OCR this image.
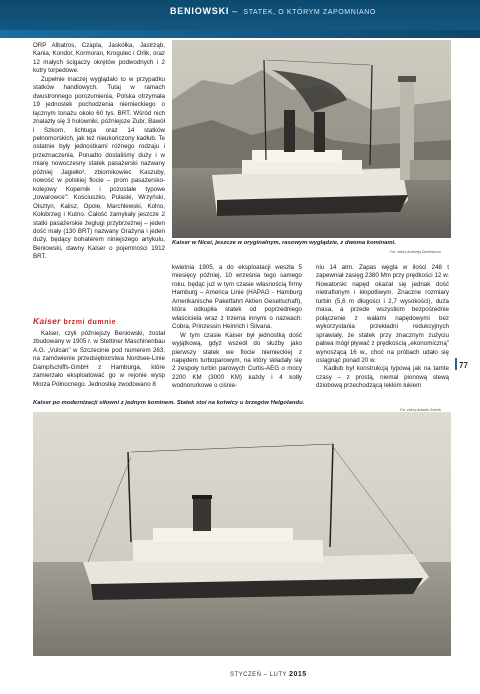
BENIOWSKI – STATEK, O KTÓRYM ZAPOMNIANO

ORP Albatros, Czapla, Jaskółka, Jastrząb, Kania, Kondor, Kormoran, Krogulec i Orlik, oraz 12 małych ścigaczy okrętów podwodnych i 2 kutry torpedowe.

Zupełnie inaczej wyglądało to w przypadku statków handlowych. Tutaj w ramach dwustronnego porozumienia, Polska otrzymała 19 jednostek pochodzenia niemieckiego o łącznym tonażu około 60 tys. BRT. Wśród nich znalazły się 3 holowniki, późniejsze Zubr, Bawół i Szkorn, lichtuga oraz 14 statków pełnomorskich, jak też nieukończony kadłub. Te ostatnie były jednostkami różnego rodzaju i przeznaczenia. Ponadto dostaliśmy duży i w miarę nowoczesny statek pasażerski nazwany później Jagiełło², zbiornikowiec Kaszuby, nowość w polskiej flocie – prom pasażersko-kolejowy Kopernik i pozostałe typowe „towarowce": Kościuszko, Pułaski, Wrzyński, Olsztyn, Kalisz, Opole, Marchlewski, Kolno, Kołobrzeg i Kutno. Całość zamykały jeszcze 2 statki pasażerskie żeglugi przybrzeżnej – jeden dość mały (130 BRT) nazwany Grażyna i jeden duży, będący bohaterem niniejszego artykułu, Beniowski, dawny Kaiser o pojemności 1912 BRT.

Kaiser brzmi dumnie

Kaiser, czyli późniejszy Beniowski, został zbudowany w 1905 r. w Stettiner Maschinenbau A.G. „Vulcan" w Szczecinie pod numerem 263, na zamówienie przedsiębiorstwa Nordsee-Linie Dampfschiffs-GmbH z Hamburga, które zamierzało eksploatować go w rejonie wysp Morza Północnego. Jednostkę zwodowano 8

Kaiser w Nicei, jeszcze w oryginalnym, rasowym wyglądzie, z dwoma kominami.
Fot. zbiory Andrzeja Danilewicza

kwietnia 1905, a do eksploatacji weszła 5 miesięcy później, 10 września tego samego roku, będąc już w tym czasie własnością firmy Hamburg – America Linie (HAPAG - Hamburg Amerikanische Paketfahrt Aktien Gesellschaft), która odkupiła statek od poprzedniego właściciela wraz z trzema innymi o nazwach: Cobra, Prinzessin Heinrich i Silvana.

W tym czasie Kaiser był jednostką dość wyjątkową, gdyż wszedł do służby jako pierwszy statek we flocie niemieckiej z napędem turboparowym, na który składały się 2 zespoły turbin parowych Curtis-AEG o mocy 2200 KM (3000 KM) każdy i 4 kotły wodnorurkowe o ciśnie-

niu 14 atm. Zapas węgla w ilości 248 t zapewniał zasięg 2380 Mm przy prędkości 12 w. Nowatorski napęd okazał się jednak dość nietrafionym i kłopotliwym. Znaczne rozmiary turbin (5,6 m długości i 2,7 wysokości), duża masa, a przede wszystkim bezpośrednie połączenie z wałami napędowymi bez wykorzystania przekładni redukcyjnych sprawiały, że statek przy znacznym zużyciu paliwa mógł pływać z prędkością „ekonomiczną" wynoszącą 16 w., choć na próbach udało się osiągnąć ponad 20 w.

Kadłub był konstrukcją typową jak na tamte czasy – z prostą, niemal pionową stewą dziobową przechodzącą lekkim łukiem

77
Kaiser po modernizacji siłowni z jednym kominem. Statek stoi na kotwicy u brzegów Helgolandu.
Fot. zbiory Arkadiu Sznerk
STYCZEŃ – LUTY 2015
